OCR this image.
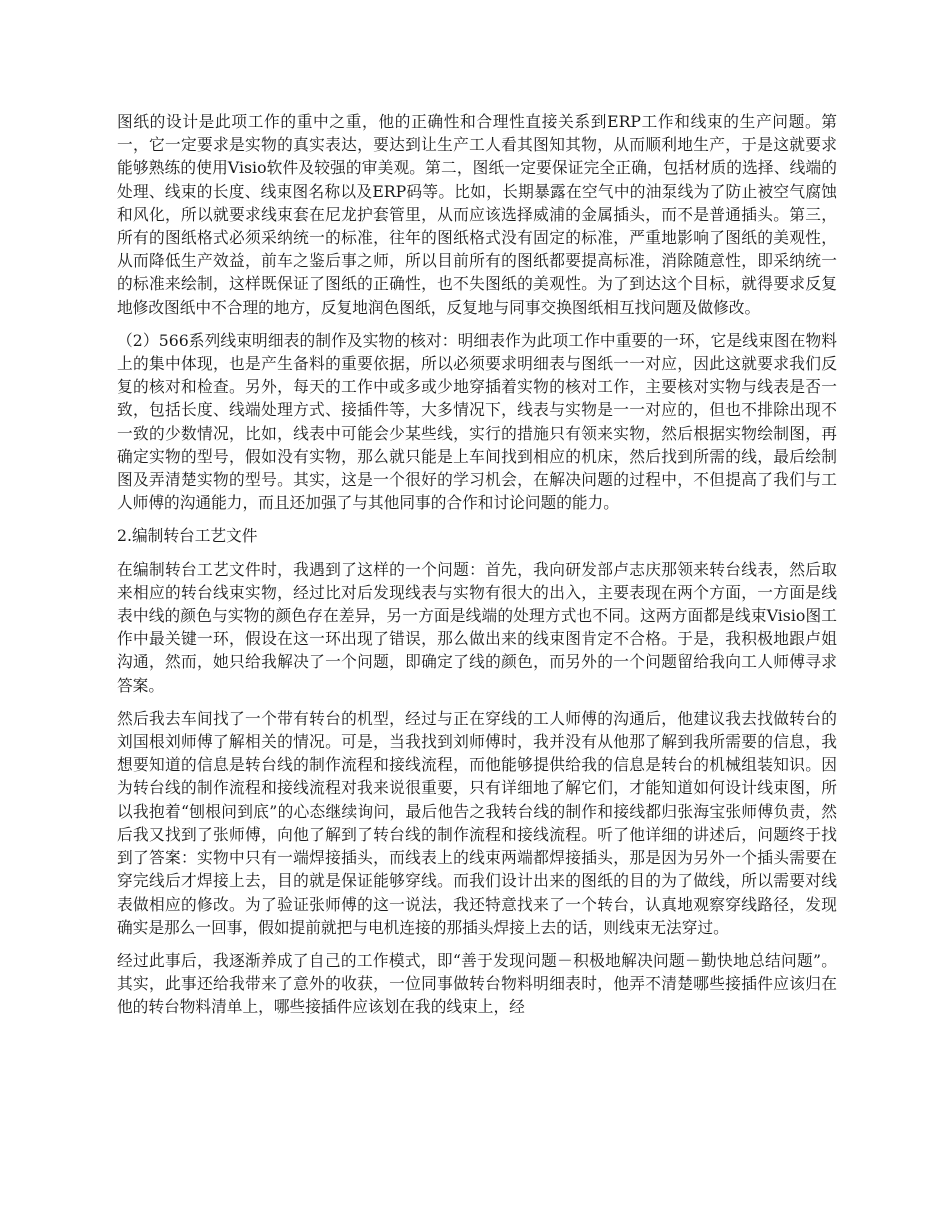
图纸的设计是此项工作的重中之重，他的正确性和合理性直接关系到ERP工作和线束的生产问题。第一，它一定要求是实物的真实表达，要达到让生产工人看其图知其物，从而顺利地生产，于是这就要求能够熟练的使用Visio软件及较强的审美观。第二，图纸一定要保证完全正确，包括材质的选择、线端的处理、线束的长度、线束图名称以及ERP码等。比如，长期暴露在空气中的油泵线为了防止被空气腐蚀和风化，所以就要求线束套在尼龙护套管里，从而应该选择威浦的金属插头，而不是普通插头。第三，所有的图纸格式必须采纳统一的标准，往年的图纸格式没有固定的标准，严重地影响了图纸的美观性，从而降低生产效益，前车之鉴后事之师，所以目前所有的图纸都要提高标准，消除随意性，即采纳统一的标准来绘制，这样既保证了图纸的正确性，也不失图纸的美观性。为了到达这个目标，就得要求反复地修改图纸中不合理的地方，反复地润色图纸，反复地与同事交换图纸相互找问题及做修改。

（2）566系列线束明细表的制作及实物的核对：明细表作为此项工作中重要的一环，它是线束图在物料上的集中体现，也是产生备料的重要依据，所以必须要求明细表与图纸一一对应，因此这就要求我们反复的核对和检查。另外，每天的工作中或多或少地穿插着实物的核对工作，主要核对实物与线表是否一致，包括长度、线端处理方式、接插件等，大多情况下，线表与实物是一一对应的，但也不排除出现不一致的少数情况，比如，线表中可能会少某些线，实行的措施只有领来实物，然后根据实物绘制图，再确定实物的型号，假如没有实物，那么就只能是上车间找到相应的机床，然后找到所需的线，最后绘制图及弄清楚实物的型号。其实，这是一个很好的学习机会，在解决问题的过程中，不但提高了我们与工人师傅的沟通能力，而且还加强了与其他同事的合作和讨论问题的能力。

2.编制转台工艺文件

在编制转台工艺文件时，我遇到了这样的一个问题：首先，我向研发部卢志庆那领来转台线表，然后取来相应的转台线束实物，经过比对后发现线表与实物有很大的出入，主要表现在两个方面，一方面是线表中线的颜色与实物的颜色存在差异，另一方面是线端的处理方式也不同。这两方面都是线束Visio图工作中最关键一环，假设在这一环出现了错误，那么做出来的线束图肯定不合格。于是，我积极地跟卢姐沟通，然而，她只给我解决了一个问题，即确定了线的颜色，而另外的一个问题留给我向工人师傅寻求答案。

然后我去车间找了一个带有转台的机型，经过与正在穿线的工人师傅的沟通后，他建议我去找做转台的刘国根刘师傅了解相关的情况。可是，当我找到刘师傅时，我并没有从他那了解到我所需要的信息，我想要知道的信息是转台线的制作流程和接线流程，而他能够提供给我的信息是转台的机械组装知识。因为转台线的制作流程和接线流程对我来说很重要，只有详细地了解它们，才能知道如何设计线束图，所以我抱着“刨根问到底”的心态继续询问，最后他告之我转台线的制作和接线都归张海宝张师傅负责，然后我又找到了张师傅，向他了解到了转台线的制作流程和接线流程。听了他详细的讲述后，问题终于找到了答案：实物中只有一端焊接插头，而线表上的线束两端都焊接插头，那是因为另外一个插头需要在穿完线后才焊接上去，目的就是保证能够穿线。而我们设计出来的图纸的目的为了做线，所以需要对线表做相应的修改。为了验证张师傅的这一说法，我还特意找来了一个转台，认真地观察穿线路径，发现确实是那么一回事，假如提前就把与电机连接的那插头焊接上去的话，则线束无法穿过。

经过此事后，我逐渐养成了自己的工作模式，即“善于发现问题－积极地解决问题－勤快地总结问题”。其实，此事还给我带来了意外的收获，一位同事做转台物料明细表时，他弄不清楚哪些接插件应该归在他的转台物料清单上，哪些接插件应该划在我的线束上，经
